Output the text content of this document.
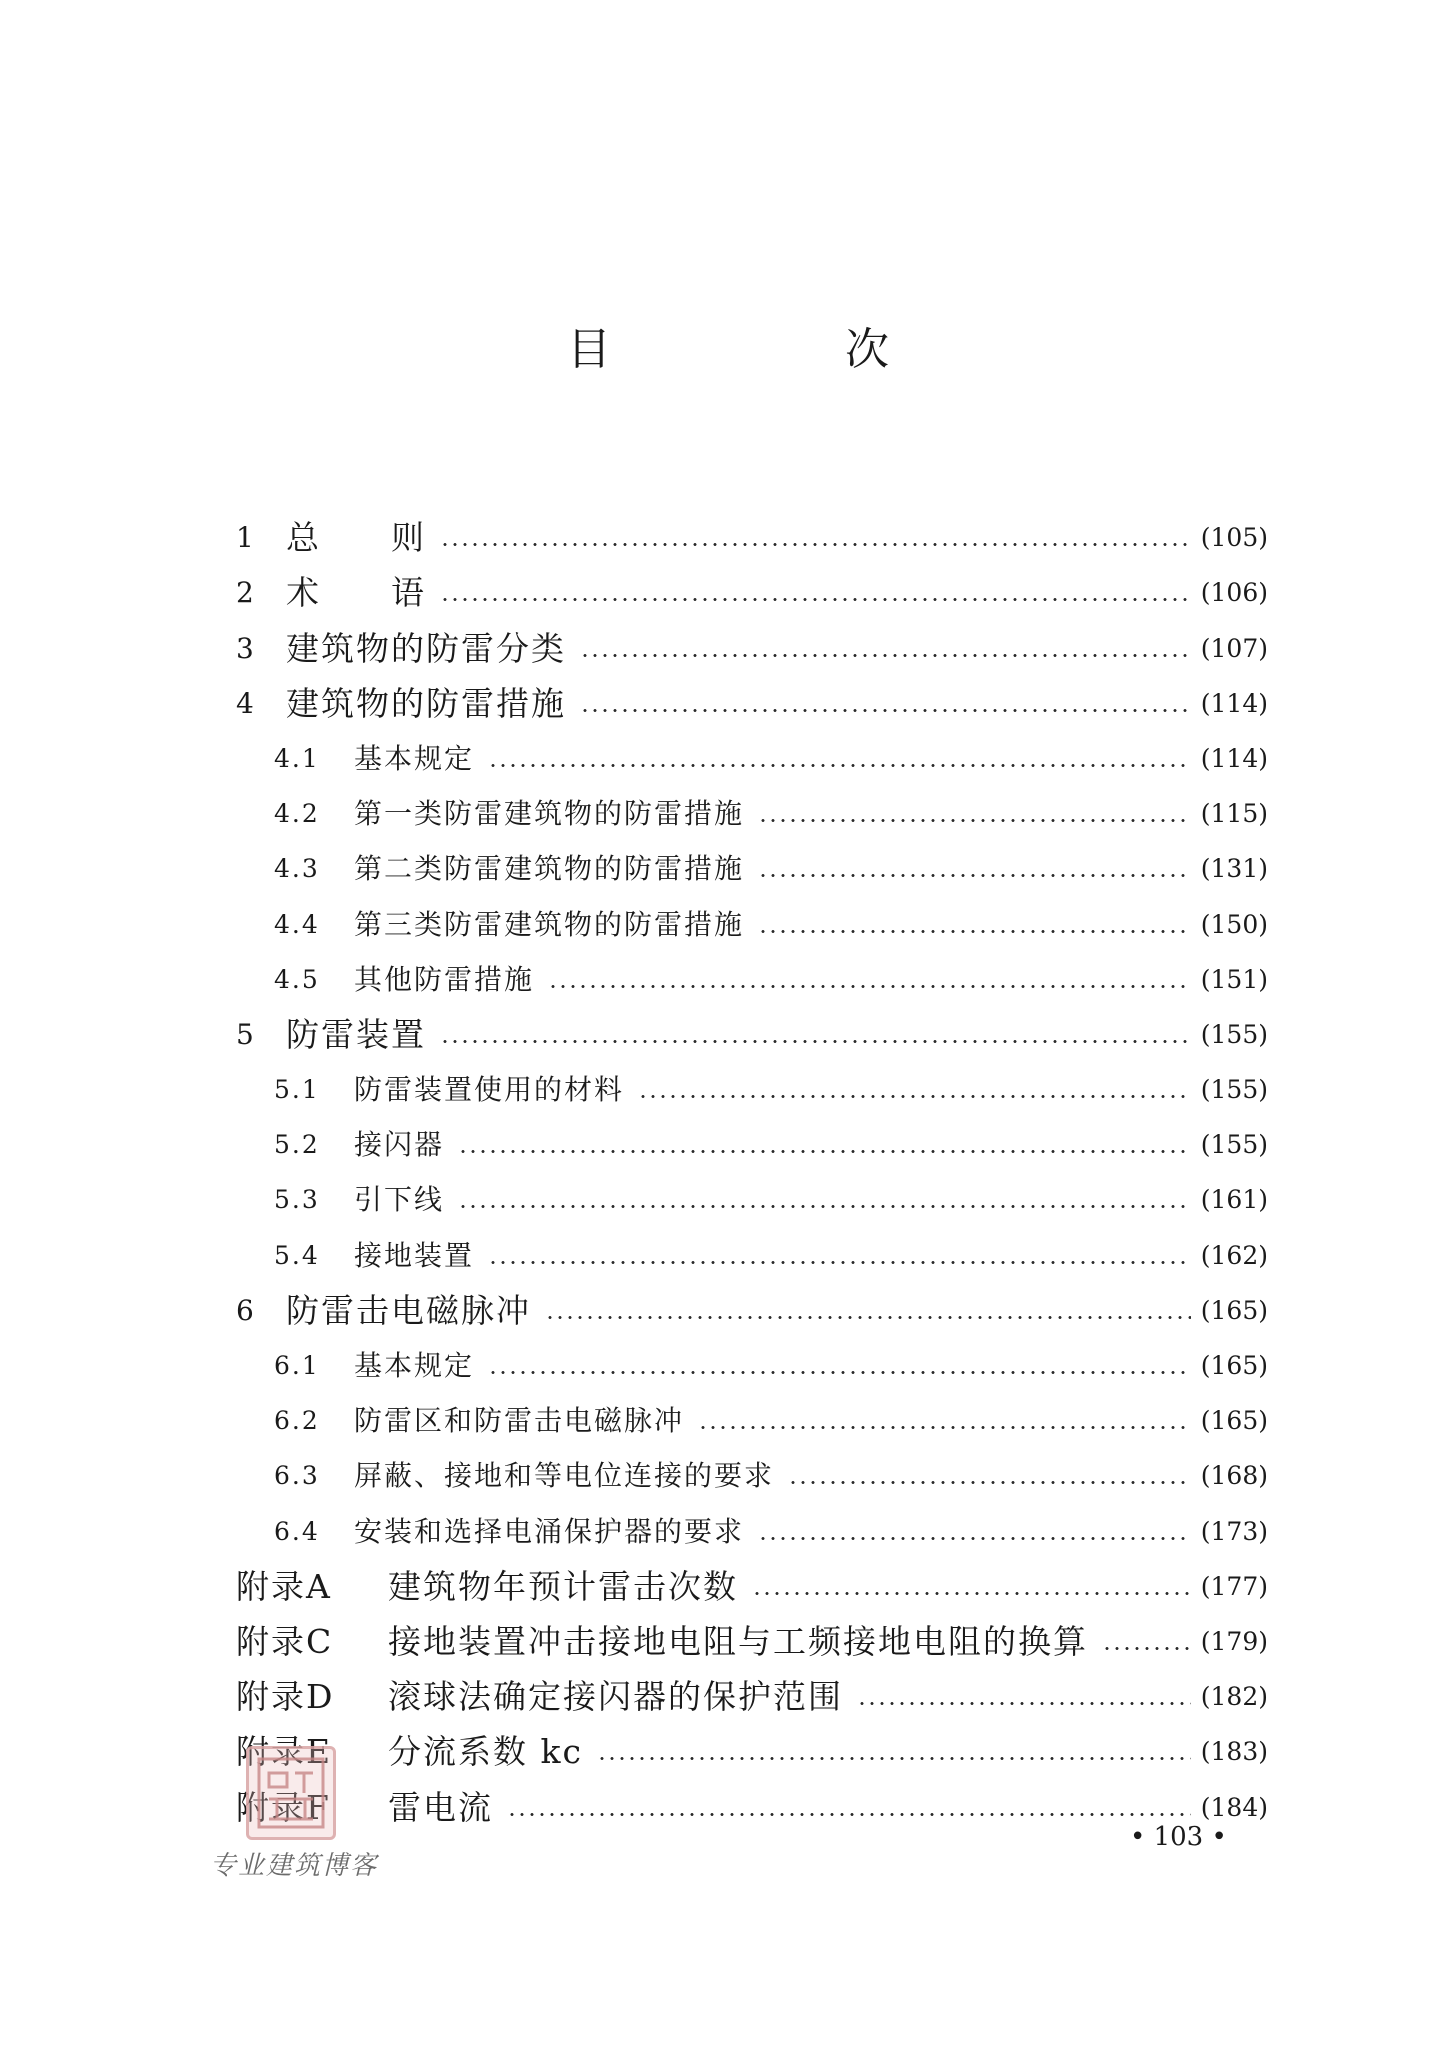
目 次
1 总　　则	(105)
2 术　　语	(106)
3 建筑物的防雷分类	(107)
4 建筑物的防雷措施	(114)
4.1	基本规定	(114)
4.2	第一类防雷建筑物的防雷措施	(115)
4.3	第二类防雷建筑物的防雷措施	(131)
4.4	第三类防雷建筑物的防雷措施	(150)
4.5	其他防雷措施	(151)
5 防雷装置	(155)
5.1	防雷装置使用的材料	(155)
5.2	接闪器	(155)
5.3	引下线	(161)
5.4	接地装置	(162)
6 防雷击电磁脉冲	(165)
6.1	基本规定	(165)
6.2	防雷区和防雷击电磁脉冲	(165)
6.3	屏蔽、接地和等电位连接的要求	(168)
6.4	安装和选择电涌保护器的要求	(173)
附录A	建筑物年预计雷击次数	(177)
附录C	接地装置冲击接地电阻与工频接地电阻的换算	(179)
附录D	滚球法确定接闪器的保护范围	(182)
附录E	分流系数 kc	(183)
附录F	雷电流	(184)
• 103 •
专业建筑博客
